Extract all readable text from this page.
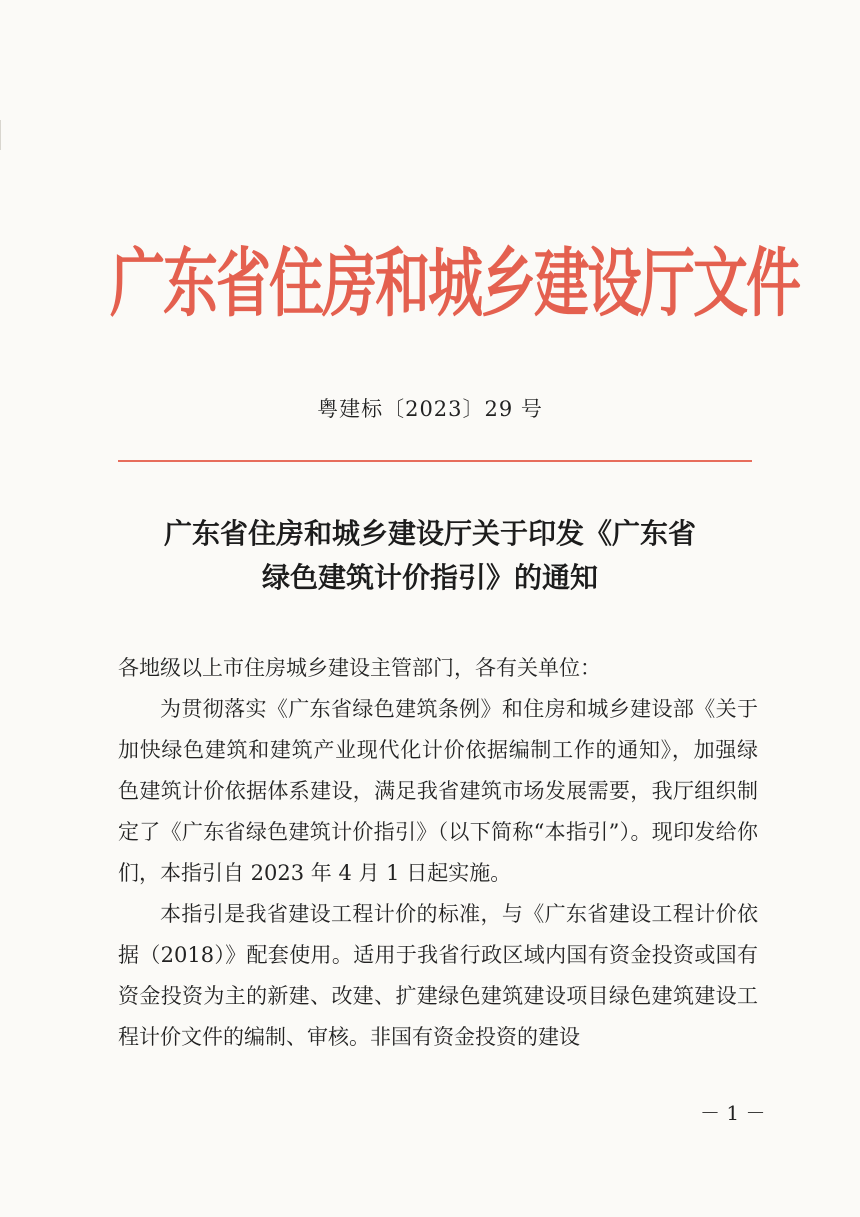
广东省住房和城乡建设厅文件
粤建标〔2023〕29 号
广东省住房和城乡建设厅关于印发《广东省
绿色建筑计价指引》的通知
各地级以上市住房城乡建设主管部门，各有关单位：

为贯彻落实《广东省绿色建筑条例》和住房和城乡建设部《关于加快绿色建筑和建筑产业现代化计价依据编制工作的通知》，加强绿色建筑计价依据体系建设，满足我省建筑市场发展需要，我厅组织制定了《广东省绿色建筑计价指引》（以下简称“本指引”）。现印发给你们，本指引自 2023 年 4 月 1 日起实施。

本指引是我省建设工程计价的标准，与《广东省建设工程计价依据（2018）》配套使用。适用于我省行政区域内国有资金投资或国有资金投资为主的新建、改建、扩建绿色建筑建设项目绿色建筑建设工程计价文件的编制、审核。非国有资金投资的建设

－ 1 －
